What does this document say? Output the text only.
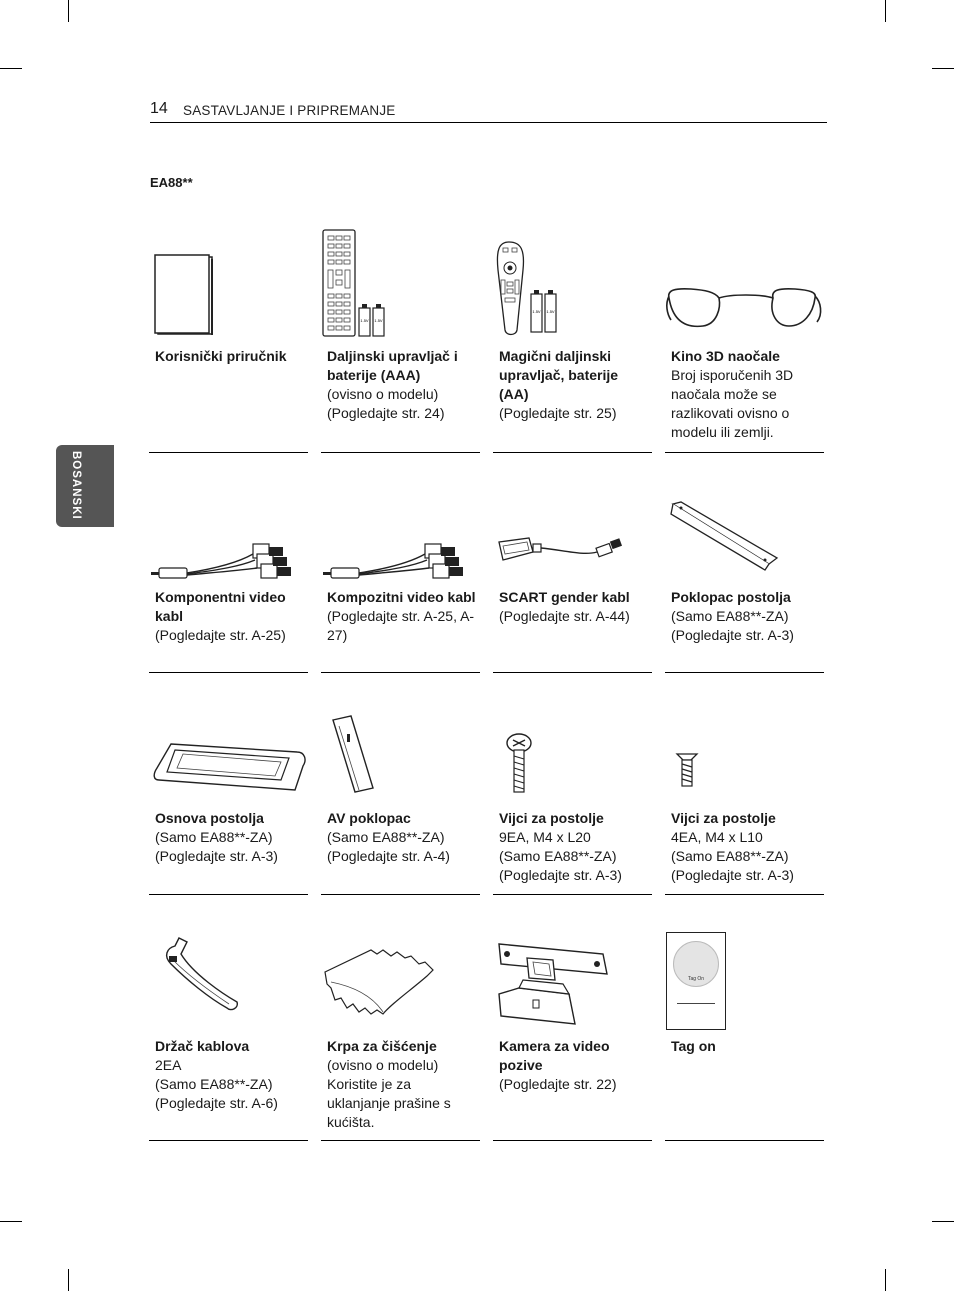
14 SASTAVLJANJE I PRIPREMANJE
EA88**
BOSANSKI
Korisnički priručnik
1.5V 1.5V
Daljinski upravljač i baterije (AAA)
(ovisno o modelu)
(Pogledajte str. 24)
1.5V 1.5V
Magični daljinski upravljač, baterije (AA)
(Pogledajte str. 25)
Kino 3D naočale
Broj isporučenih 3D naočala može se razlikovati ovisno o modelu ili zemlji.
Komponentni video kabl
(Pogledajte str. A-25)
Kompozitni video kabl
(Pogledajte str. A-25, A-27)
SCART gender kabl
(Pogledajte str. A-44)
Poklopac postolja
(Samo EA88**-ZA)
(Pogledajte str. A-3)
Osnova postolja
(Samo EA88**-ZA)
(Pogledajte str. A-3)
AV poklopac
(Samo EA88**-ZA)
(Pogledajte str. A-4)
Vijci za postolje
9EA, M4 x L20
(Samo EA88**-ZA)
(Pogledajte str. A-3)
Vijci za postolje
4EA, M4 x L10
(Samo EA88**-ZA)
(Pogledajte str. A-3)
Držač kablova
2EA
(Samo EA88**-ZA)
(Pogledajte str. A-6)
Krpa za čišćenje
(ovisno o modelu)
Koristite je za uklanjanje prašine s kućišta.
Kamera za video pozive
(Pogledajte str. 22)
Tag On
Tag on
